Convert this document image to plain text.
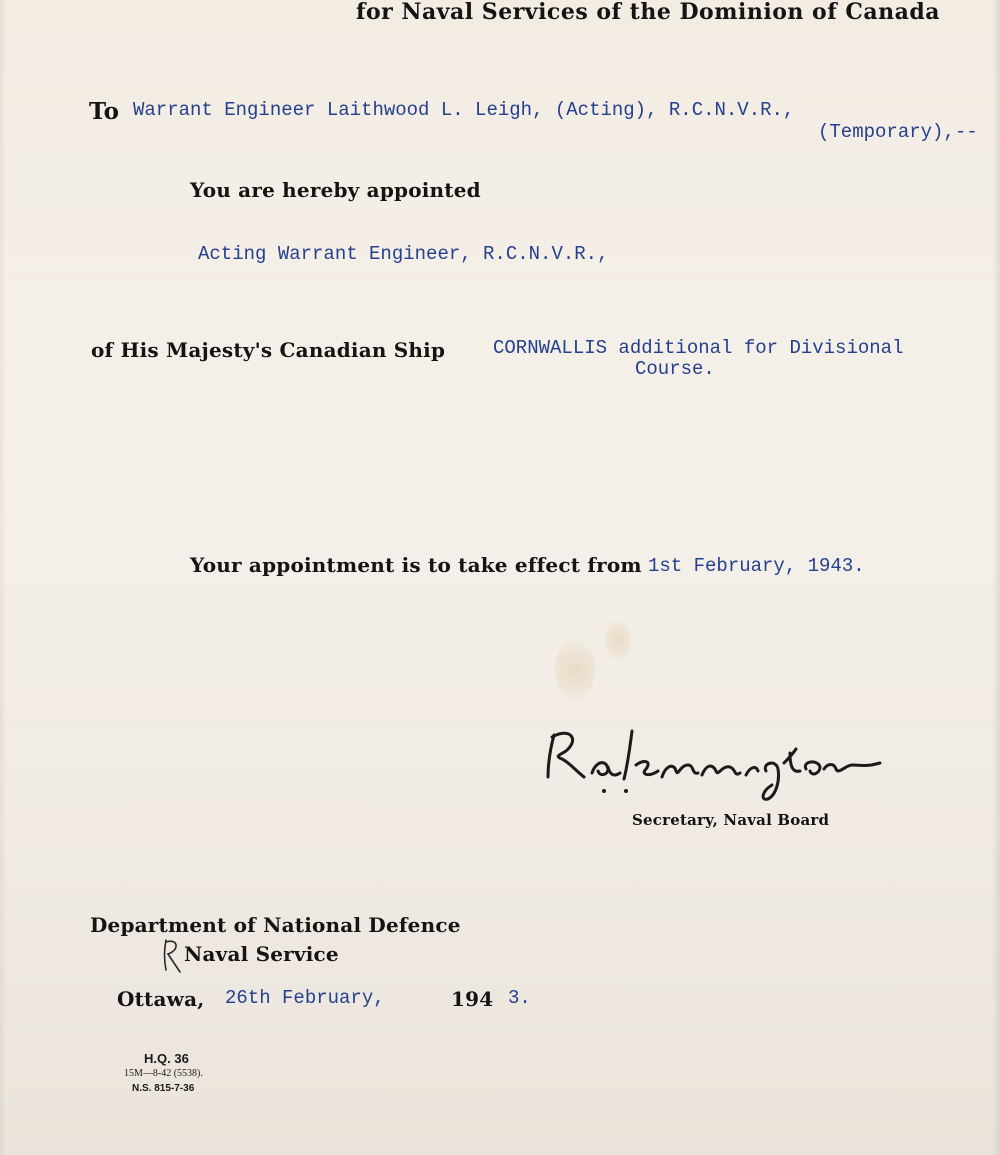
for Naval Services of the Dominion of Canada
To Warrant Engineer Laithwood L. Leigh, (Acting), R.C.N.V.R.,
(Temporary),--
You are hereby appointed
Acting Warrant Engineer, R.C.N.V.R.,
of His Majesty's Canadian Ship	CORNWALLIS additional for Divisional
Course.
Your appointment is to take effect from 1st February, 1943.
Secretary, Naval Board
Department of National Defence
Naval Service
Ottawa, 26th February,	194 3.
H.Q. 36
15M—8-42 (5538).
N.S. 815-7-36
